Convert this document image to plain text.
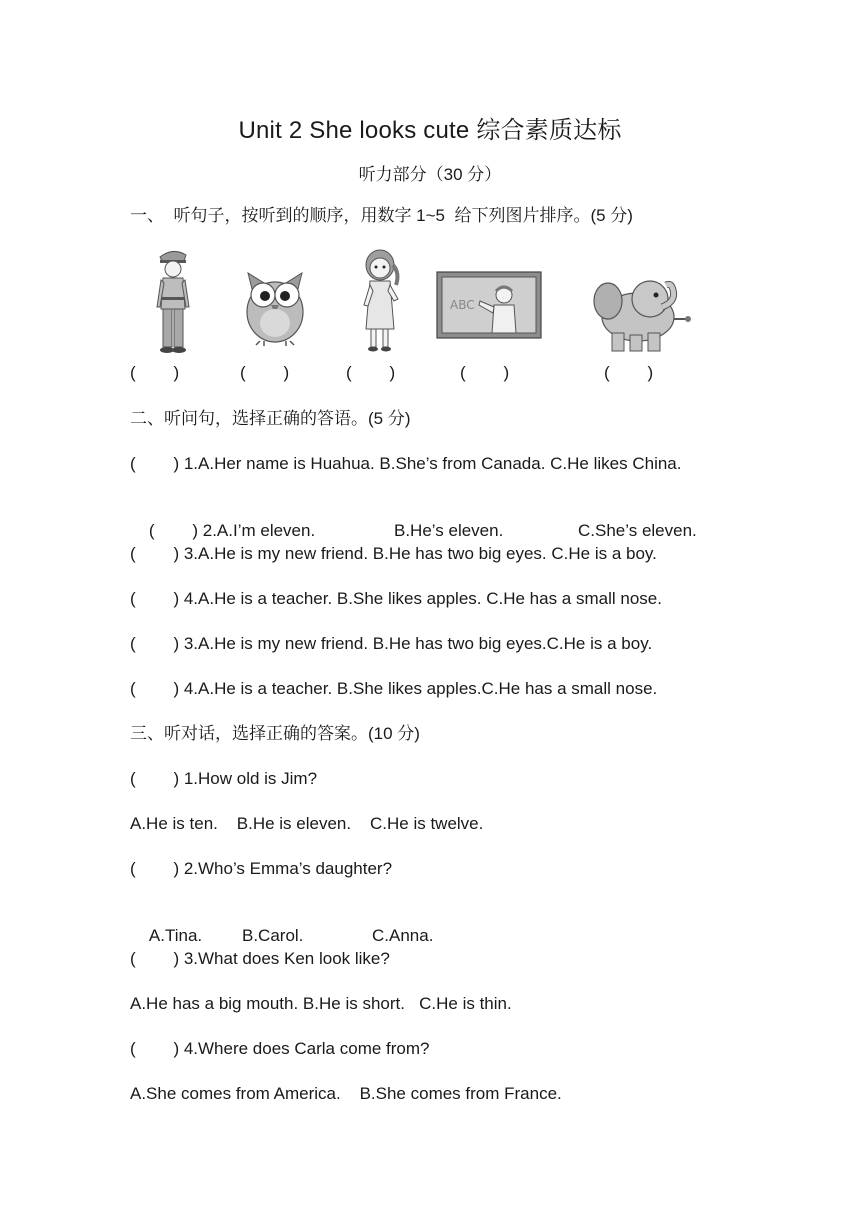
Unit 2 She looks cute 综合素质达标
听力部分（30 分）
一、  听句子，按听到的顺序，用数字 1~5  给下列图片排序。(5 分)
ABC
(        )	(        )	(        )	(        )	(        )
二、听问句，选择正确的答语。(5 分)
(        ) 1.A.Her name is Huahua. B.She’s from Canada. C.He likes China.

(        ) 2.A.I’m eleven.	B.He’s eleven.	C.She’s eleven.

(        ) 3.A.He is my new friend. B.He has two big eyes. C.He is a boy.
(        ) 4.A.He is a teacher. B.She likes apples. C.He has a small nose.
(        ) 3.A.He is my new friend. B.He has two big eyes.C.He is a boy.
(        ) 4.A.He is a teacher. B.She likes apples.C.He has a small nose.
三、听对话，选择正确的答案。(10 分)
(        ) 1.How old is Jim?
A.He is ten.    B.He is eleven.    C.He is twelve.
(        ) 2.Who’s Emma’s daughter?

A.Tina. B.Carol.	C.Anna.

(        ) 3.What does Ken look like?
A.He has a big mouth. B.He is short.   C.He is thin.
(        ) 4.Where does Carla come from?
A.She comes from America.    B.She comes from France.
